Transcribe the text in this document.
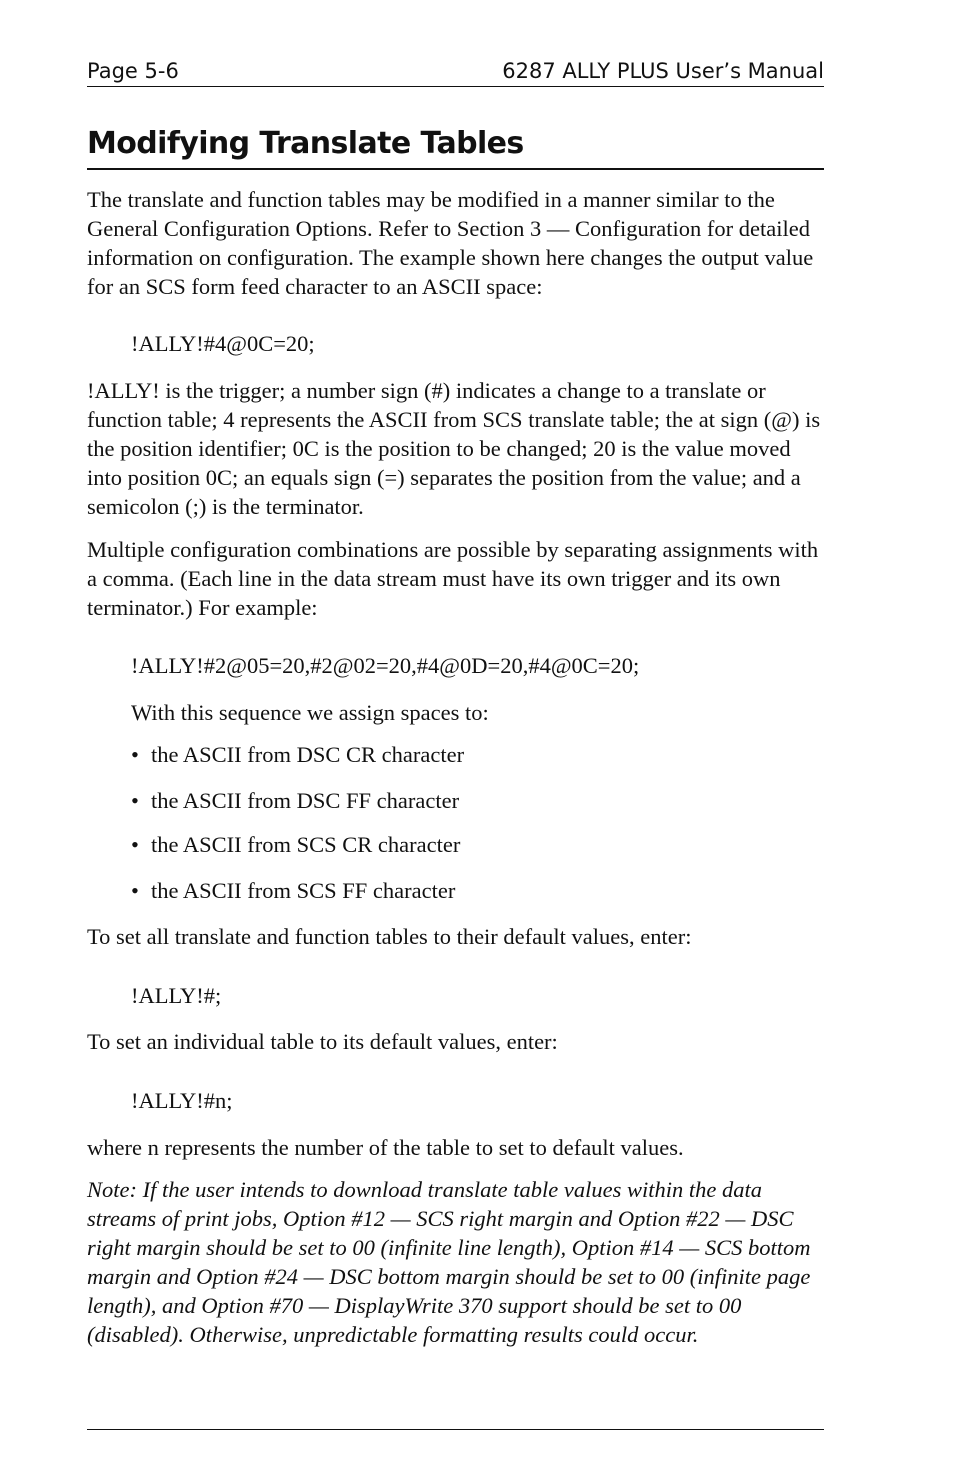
Page 5-6	6287 ALLY PLUS User’s Manual
Modifying Translate Tables

The translate and function tables may be modified in a manner similar to the General Configuration Options. Refer to Section 3 — Configuration for detailed information on configuration. The example shown here changes the output value for an SCS form feed character to an ASCII space:

!ALLY!#4@0C=20;

!ALLY! is the trigger; a number sign (#) indicates a change to a translate or function table; 4 represents the ASCII from SCS translate table; the at sign (@) is the position identifier; 0C is the position to be changed; 20 is the value moved into position 0C; an equals sign (=) separates the position from the value; and a semicolon (;) is the terminator.

Multiple configuration combinations are possible by separating assignments with a comma. (Each line in the data stream must have its own trigger and its own terminator.) For example:

!ALLY!#2@05=20,#2@02=20,#4@0D=20,#4@0C=20;

With this sequence we assign spaces to:

• the ASCII from DSC CR character
• the ASCII from DSC FF character
• the ASCII from SCS CR character
• the ASCII from SCS FF character

To set all translate and function tables to their default values, enter:

!ALLY!#;

To set an individual table to its default values, enter:

!ALLY!#n;

where n represents the number of the table to set to default values.

Note: If the user intends to download translate table values within the data streams of print jobs, Option #12 — SCS right margin and Option #22 — DSC right margin should be set to 00 (infinite line length), Option #14 — SCS bottom margin and Option #24 — DSC bottom margin should be set to 00 (infinite page length), and Option #70 — DisplayWrite 370 support should be set to 00 (disabled). Otherwise, unpredictable formatting results could occur.
